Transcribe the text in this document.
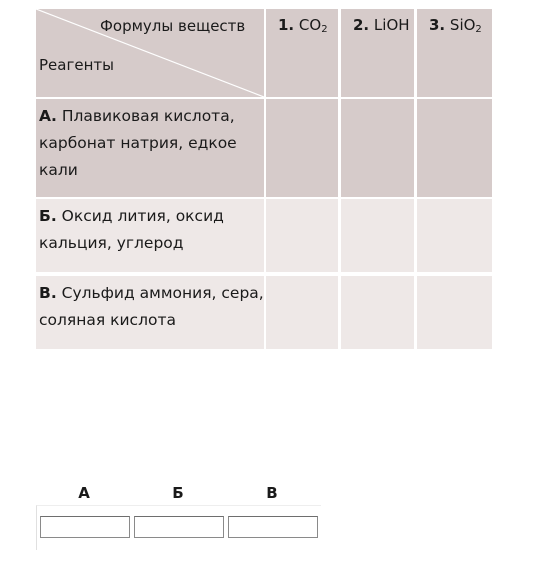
Формулы веществ
Реагенты
1. $CO_2$	2. LiOH	3. SiO$_2$
А. Плавиковая кислота, карбонат натрия, едкое кали
Б. Оксид лития, оксид кальция, углерод
В. Сульфид аммония, сера, соляная кислота
А	Б	В
